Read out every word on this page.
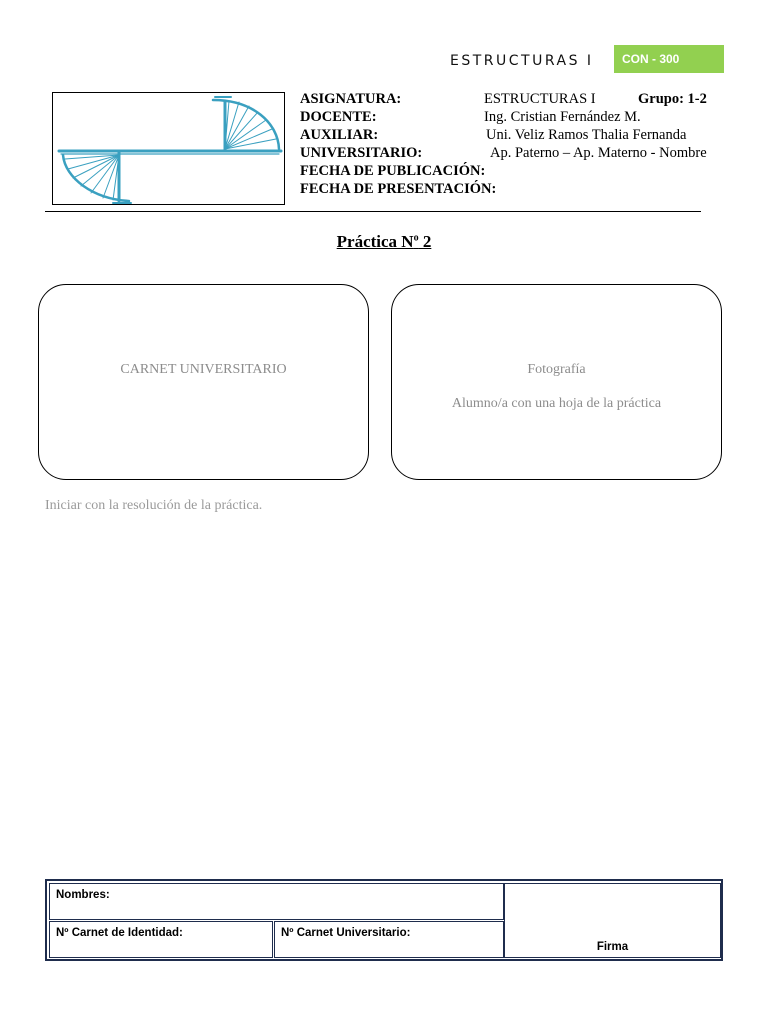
ESTRUCTURAS I	CON - 300
ASIGNATURA:	ESTRUCTURAS I	Grupo: 1-2
DOCENTE:	Ing. Cristian Fernández M.
AUXILIAR:	Uni. Veliz Ramos Thalia Fernanda
UNIVERSITARIO:	Ap. Paterno – Ap. Materno - Nombre
FECHA DE PUBLICACIÓN:
FECHA DE PRESENTACIÓN:
Práctica $N^o$ 2
CARNET UNIVERSITARIO	Fotografía
Alumno/a con una hoja de la práctica
Iniciar con la resolución de la práctica.
Nombres:
Nº Carnet de Identidad:	Nº Carnet Universitario:
Firma
